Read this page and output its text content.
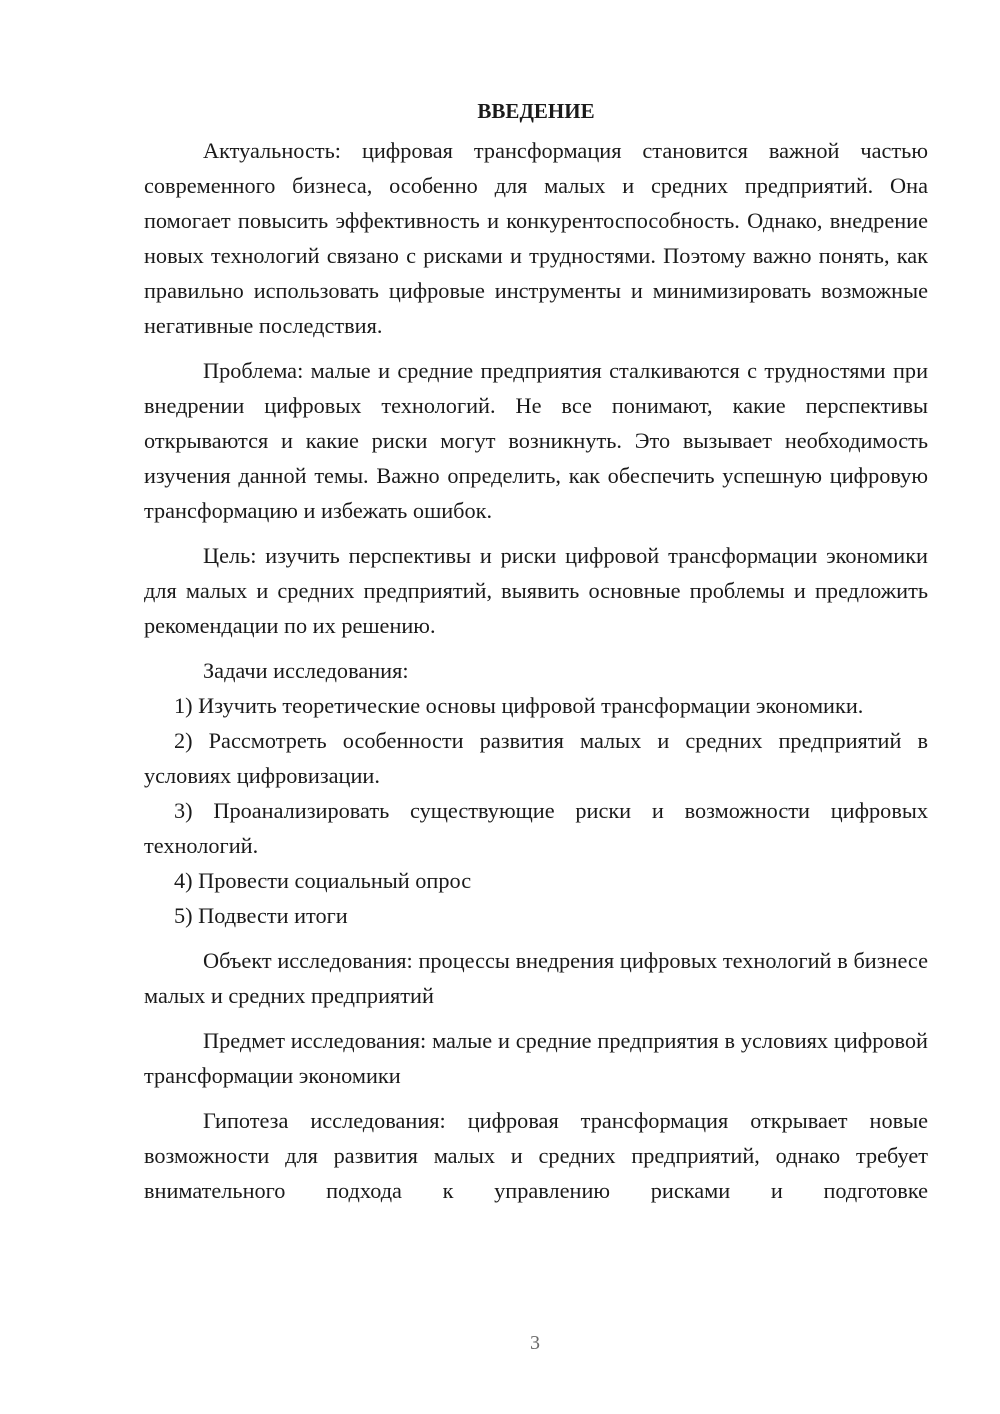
ВВЕДЕНИЕ

Актуальность: цифровая трансформация становится важной частью современного бизнеса, особенно для малых и средних предприятий. Она помогает повысить эффективность и конкурентоспособность. Однако, внедрение новых технологий связано с рисками и трудностями. Поэтому важно понять, как правильно использовать цифровые инструменты и минимизировать возможные негативные последствия.

Проблема: малые и средние предприятия сталкиваются с трудностями при внедрении цифровых технологий. Не все понимают, какие перспективы открываются и какие риски могут возникнуть. Это вызывает необходимость изучения данной темы. Важно определить, как обеспечить успешную цифровую трансформацию и избежать ошибок.

Цель: изучить перспективы и риски цифровой трансформации экономики для малых и средних предприятий, выявить основные проблемы и предложить рекомендации по их решению.

Задачи исследования:

1) Изучить теоретические основы цифровой трансформации экономики.

2) Рассмотреть особенности развития малых и средних предприятий в условиях цифровизации.

3) Проанализировать существующие риски и возможности цифровых технологий.

4) Провести социальный опрос

5) Подвести итоги

Объект исследования: процессы внедрения цифровых технологий в бизнесе малых и средних предприятий

Предмет исследования: малые и средние предприятия в условиях цифровой трансформации экономики

Гипотеза исследования: цифровая трансформация открывает новые возможности для развития малых и средних предприятий, однако требует внимательного подхода к управлению рисками и подготовке

3
